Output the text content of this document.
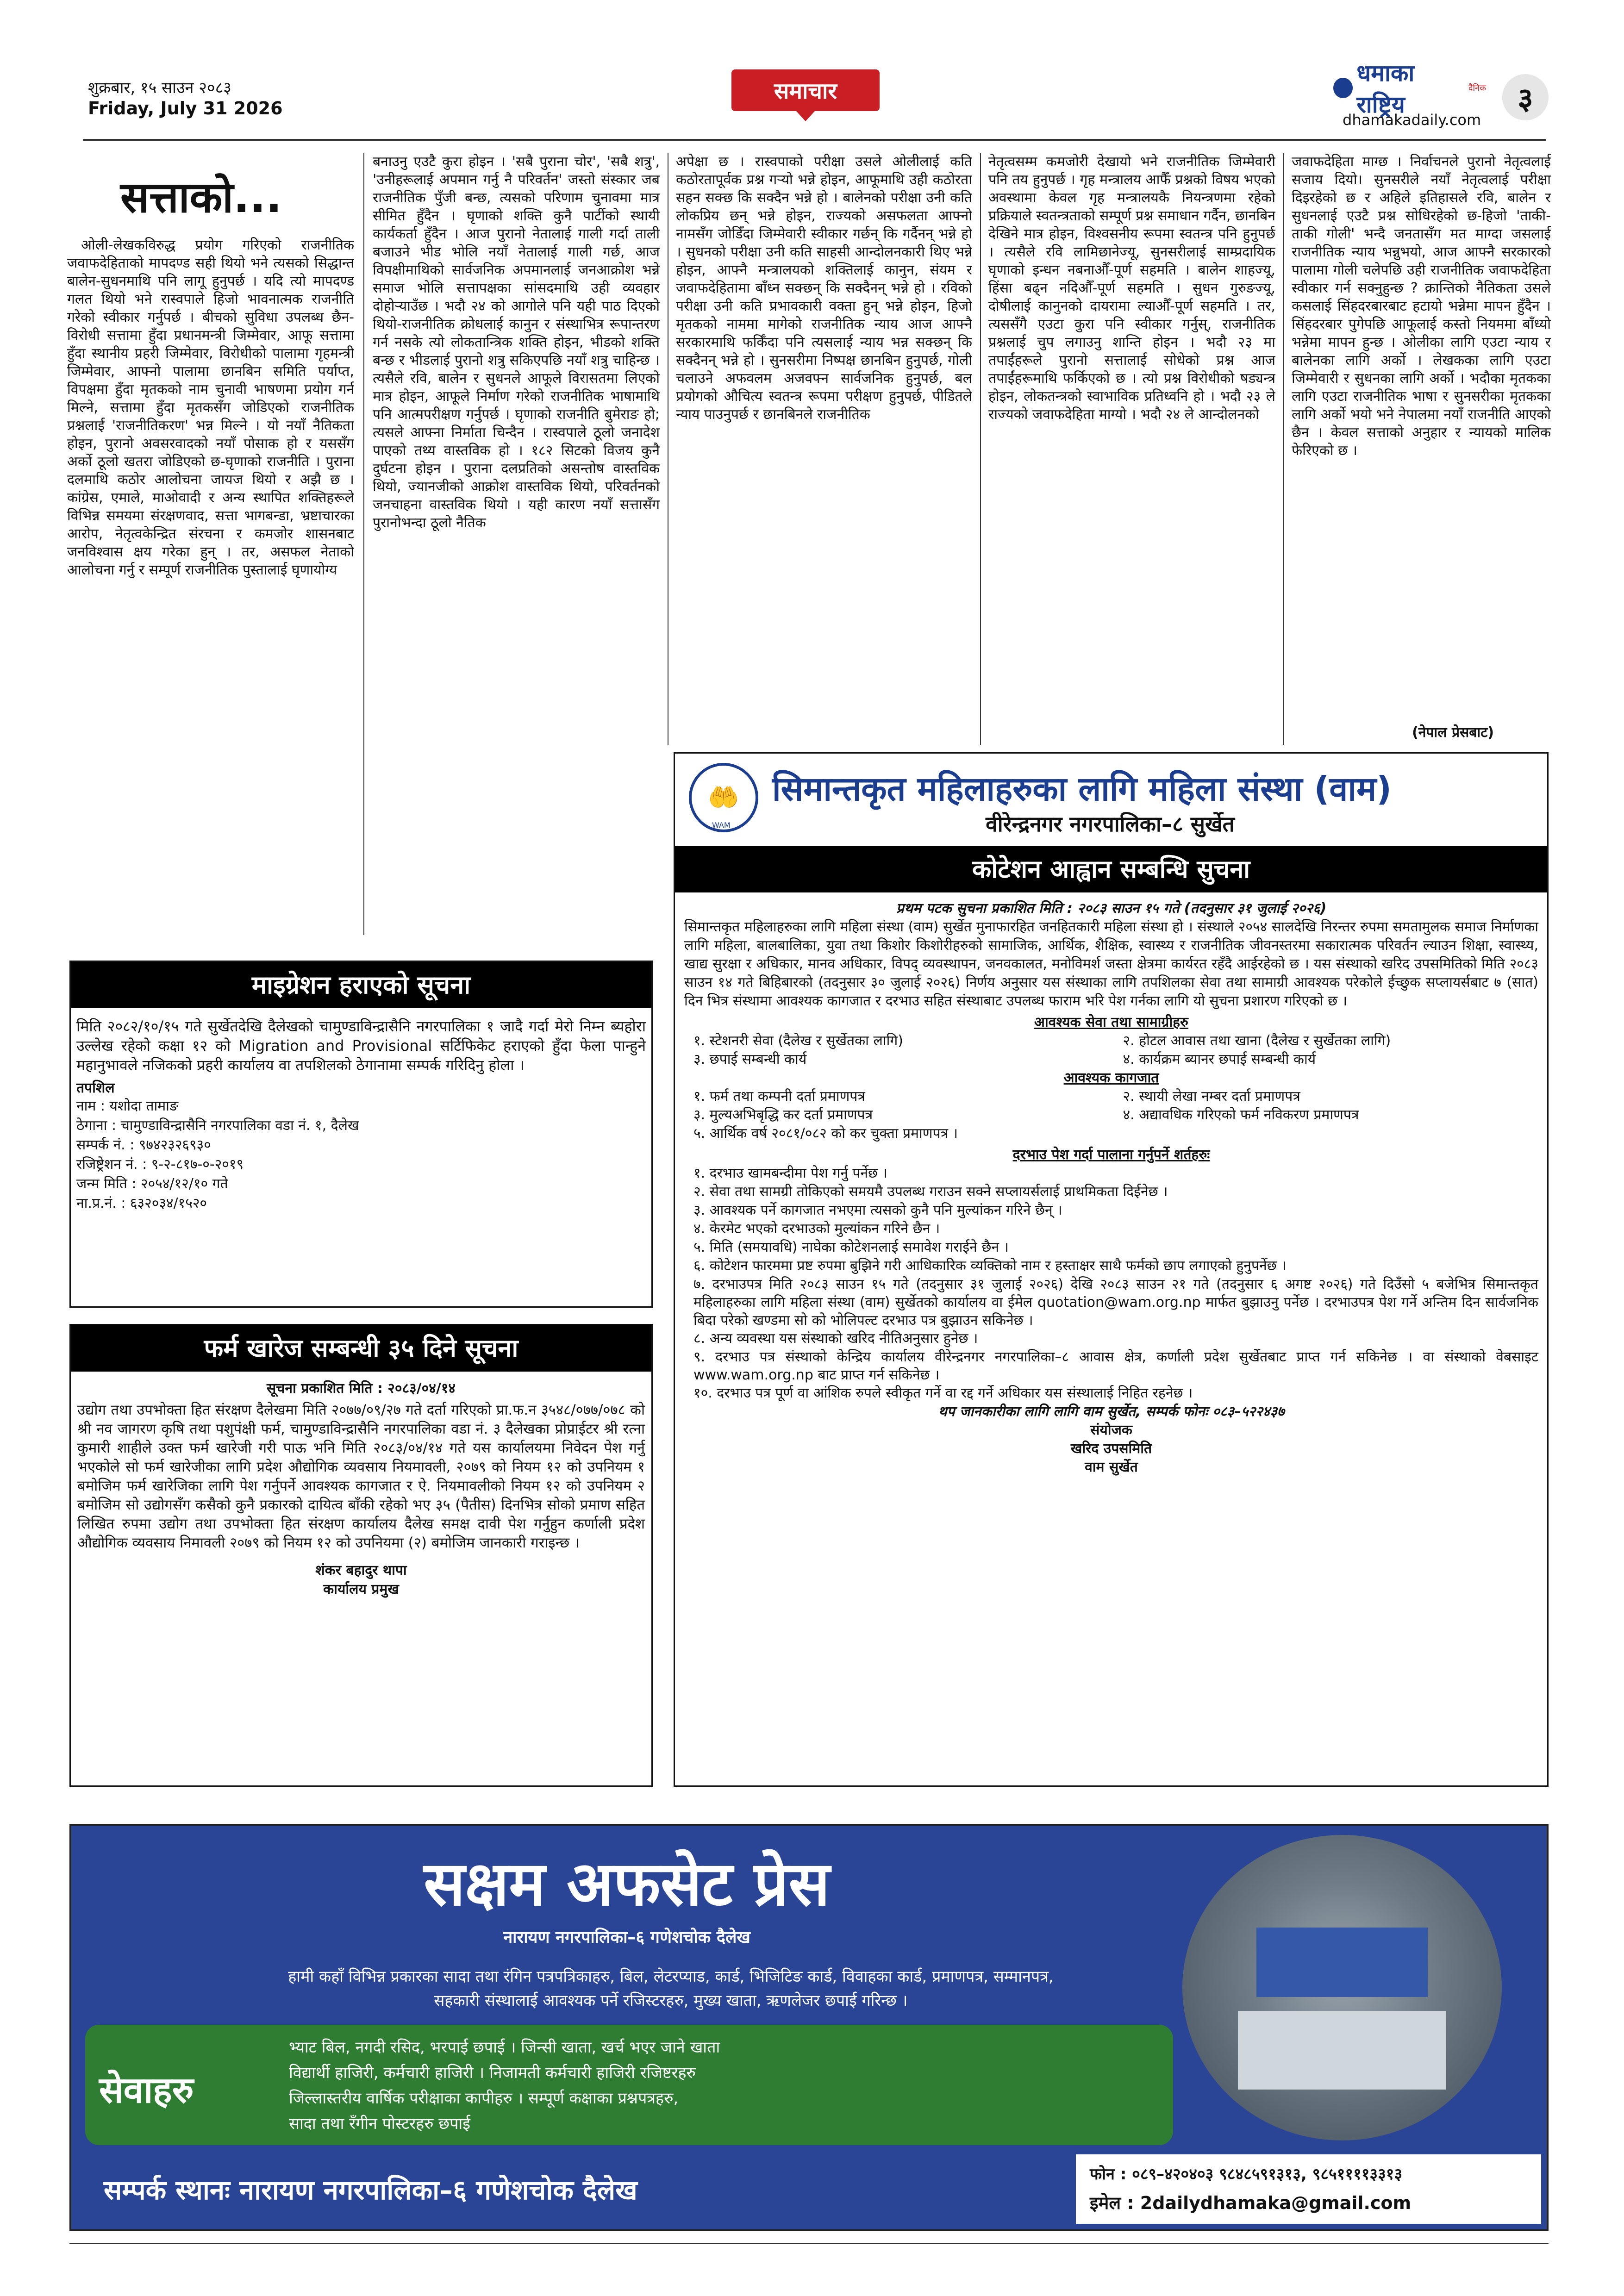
शुक्रबार, १५ साउन २०८३
Friday, July 31 2026
समाचार
धमाका राष्ट्रिय
दैनिक
dhamakadaily.com
३
सत्ताको...
ओली-लेखकविरुद्ध प्रयोग गरिएको राजनीतिक जवाफदेहिताको मापदण्ड सही थियो भने त्यसको सिद्धान्त बालेन-सुधनमाथि पनि लागू हुनुपर्छ । यदि त्यो मापदण्ड गलत थियो भने रास्वपाले हिजो भावनात्मक राजनीति गरेको स्वीकार गर्नुपर्छ । बीचको सुविधा उपलब्ध छैन-विरोधी सत्तामा हुँदा प्रधानमन्त्री जिम्मेवार, आफू सत्तामा हुँदा स्थानीय प्रहरी जिम्मेवार, विरोधीको पालामा गृहमन्त्री जिम्मेवार, आफ्नो पालामा छानबिन समिति पर्याप्त, विपक्षमा हुँदा मृतकको नाम चुनावी भाषणमा प्रयोग गर्न मिल्ने, सत्तामा हुँदा मृतकसँग जोडिएको राजनीतिक प्रश्नलाई 'राजनीतिकरण' भन्न मिल्ने । यो नयाँ नैतिकता होइन, पुरानो अवसरवादको नयाँ पोसाक हो र यससँग अर्को ठूलो खतरा जोडिएको छ-घृणाको राजनीति । पुराना दलमाथि कठोर आलोचना जायज थियो र अझै छ । कांग्रेस, एमाले, माओवादी र अन्य स्थापित शक्तिहरूले विभिन्न समयमा संरक्षणवाद, सत्ता भागबन्डा, भ्रष्टाचारका आरोप, नेतृत्वकेन्द्रित संरचना र कमजोर शासनबाट जनविश्वास क्षय गरेका हुन् । तर, असफल नेताको आलोचना गर्नु र सम्पूर्ण राजनीतिक पुस्तालाई घृणायोग्य
बनाउनु एउटै कुरा होइन । 'सबै पुराना चोर', 'सबै शत्रु', 'उनीहरूलाई अपमान गर्नु नै परिवर्तन' जस्तो संस्कार जब राजनीतिक पुँजी बन्छ, त्यसको परिणाम चुनावमा मात्र सीमित हुँदैन । घृणाको शक्ति कुनै पार्टीको स्थायी कार्यकर्ता हुँदैन । आज पुरानो नेतालाई गाली गर्दा ताली बजाउने भीड भोलि नयाँ नेतालाई गाली गर्छ, आज विपक्षीमाथिको सार्वजनिक अपमानलाई जनआक्रोश भन्ने समाज भोलि सत्तापक्षका सांसदमाथि उही व्यवहार दोहोर्‍याउँछ । भदौ २४ को आगोले पनि यही पाठ दिएको थियो-राजनीतिक क्रोधलाई कानुन र संस्थाभित्र रूपान्तरण गर्न नसके त्यो लोकतान्त्रिक शक्ति होइन, भीडको शक्ति बन्छ र भीडलाई पुरानो शत्रु सकिएपछि नयाँ शत्रु चाहिन्छ । त्यसैले रवि, बालेन र सुधनले आफूले विरासतमा लिएको मात्र होइन, आफूले निर्माण गरेको राजनीतिक भाषामाथि पनि आत्मपरीक्षण गर्नुपर्छ । घृणाको राजनीति बुमेराङ हो; त्यसले आफ्ना निर्माता चिन्दैन । रास्वपाले ठूलो जनादेश पाएको तथ्य वास्तविक हो । १८२ सिटको विजय कुनै दुर्घटना होइन । पुराना दलप्रतिको असन्तोष वास्तविक थियो, ज्यानजीको आक्रोश वास्तविक थियो, परिवर्तनको जनचाहना वास्तविक थियो । यही कारण नयाँ सत्तासँग पुरानोभन्दा ठूलो नैतिक
अपेक्षा छ । रास्वपाको परीक्षा उसले ओलीलाई कति कठोरतापूर्वक प्रश्न गर्‍यो भन्ने होइन, आफूमाथि उही कठोरता सहन सक्छ कि सक्दैन भन्ने हो । बालेनको परीक्षा उनी कति लोकप्रिय छन् भन्ने होइन, राज्यको असफलता आफ्नो नामसँग जोडिँदा जिम्मेवारी स्वीकार गर्छन् कि गर्दैनन् भन्ने हो । सुधनको परीक्षा उनी कति साहसी आन्दोलनकारी थिए भन्ने होइन, आफ्नै मन्त्रालयको शक्तिलाई कानुन, संयम र जवाफदेहितामा बाँध्न सक्छन् कि सक्दैनन् भन्ने हो । रविको परीक्षा उनी कति प्रभावकारी वक्ता हुन् भन्ने होइन, हिजो मृतकको नाममा मागेको राजनीतिक न्याय आज आफ्नै सरकारमाथि फर्किँदा पनि त्यसलाई न्याय भन्न सक्छन् कि सक्दैनन् भन्ने हो । सुनसरीमा निष्पक्ष छानबिन हुनुपर्छ, गोली चलाउने अफवलम अजवफ्न सार्वजनिक हुनुपर्छ, बल प्रयोगको औचित्य स्वतन्त्र रूपमा परीक्षण हुनुपर्छ, पीडितले न्याय पाउनुपर्छ र छानबिनले राजनीतिक
नेतृत्वसम्म कमजोरी देखायो भने राजनीतिक जिम्मेवारी पनि तय हुनुपर्छ । गृह मन्त्रालय आफैँ प्रश्नको विषय भएको अवस्थामा केवल गृह मन्त्रालयकै नियन्त्रणमा रहेको प्रक्रियाले स्वतन्त्रताको सम्पूर्ण प्रश्न समाधान गर्दैन, छानबिन देखिने मात्र होइन, विश्वसनीय रूपमा स्वतन्त्र पनि हुनुपर्छ । त्यसैले रवि लामिछानेज्यू, सुनसरीलाई साम्प्रदायिक घृणाको इन्धन नबनाऔँ-पूर्ण सहमति । बालेन शाहज्यू, हिंसा बढ्न नदिऔँ-पूर्ण सहमति । सुधन गुरुङज्यू, दोषीलाई कानुनको दायरामा ल्याऔँ-पूर्ण सहमति । तर, त्यससँगै एउटा कुरा पनि स्वीकार गर्नुस्, राजनीतिक प्रश्नलाई चुप लगाउनु शान्ति होइन । भदौ २३ मा तपाईंहरूले पुरानो सत्तालाई सोधेको प्रश्न आज तपाईंहरूमाथि फर्किएको छ । त्यो प्रश्न विरोधीको षड्यन्त्र होइन, लोकतन्त्रको स्वाभाविक प्रतिध्वनि हो । भदौ २३ ले राज्यको जवाफदेहिता माग्यो । भदौ २४ ले आन्दोलनको
जवाफदेहिता माग्छ । निर्वाचनले पुरानो नेतृत्वलाई सजाय दियो। सुनसरीले नयाँ नेतृत्वलाई परीक्षा दिइरहेको छ र अहिले इतिहासले रवि, बालेन र सुधनलाई एउटै प्रश्न सोधिरहेको छ-हिजो 'ताकी-ताकी गोली' भन्दै जनतासँग मत माग्दा जसलाई राजनीतिक न्याय भन्नुभयो, आज आफ्नै सरकारको पालामा गोली चलेपछि उही राजनीतिक जवाफदेहिता स्वीकार गर्न सक्नुहुन्छ ? क्रान्तिको नैतिकता उसले कसलाई सिंहदरबारबाट हटायो भन्नेमा मापन हुँदैन । सिंहदरबार पुगेपछि आफूलाई कस्तो नियममा बाँध्यो भन्नेमा मापन हुन्छ । ओलीका लागि एउटा न्याय र बालेनका लागि अर्को । लेखकका लागि एउटा जिम्मेवारी र सुधनका लागि अर्को । भदौका मृतकका लागि एउटा राजनीतिक भाषा र सुनसरीका मृतकका लागि अर्को भयो भने नेपालमा नयाँ राजनीति आएको छैन । केवल सत्ताको अनुहार र न्यायको मालिक फेरिएको छ ।
(नेपाल प्रेसबाट)
माइग्रेशन हराएको सूचना
मिति २०८२/१०/१५ गते सुर्खेतदेखि दैलेखको चामुण्डाविन्द्रासैनि नगरपालिका १ जादै गर्दा मेरो निम्न ब्यहोरा उल्लेख रहेको कक्षा १२ को Migration and Provisional सर्टिफिकेट हराएको हुँदा फेला पान्हुने महानुभावले नजिकको प्रहरी कार्यालय वा तपशिलको ठेगानामा सम्पर्क गरिदिनु होला ।
तपशिल
नाम : यशोदा तामाङ
ठेगाना : चामुण्डाविन्द्रासैनि नगरपालिका वडा नं. १, दैलेख
सम्पर्क नं. : ९७४२३२६९३०
रजिष्ट्रेशन नं. : ९-२-८१७-०-२०१९
जन्म मिति : २०५४/१२/१० गते
ना.प्र.नं. : ६३२०३४/१५२०
फर्म खारेज सम्बन्धी ३५ दिने सूचना
सूचना प्रकाशित मिति : २०८३/०४/१४
उद्योग तथा उपभोक्ता हित संरक्षण दैलेखमा मिति २०७७/०९/२७ गते दर्ता गरिएको प्रा.फ.न ३५४८/०७७/०७८ को श्री नव जागरण कृषि तथा पशुपंक्षी फर्म, चामुण्डाविन्द्रासैनि नगरपालिका वडा नं. ३ दैलेखका प्रोप्राईटर श्री रत्ना कुमारी शाहीले उक्त फर्म खारेजी गरी पाऊ भनि मिति २०८३/०४/१४ गते यस कार्यालयमा निवेदन पेश गर्नु भएकोले सो फर्म खारेजीका लागि प्रदेश औद्योगिक व्यवसाय नियमावली, २०७९ को नियम १२ को उपनियम १ बमोजिम फर्म खारेजिका लागि पेश गर्नुपर्ने आवश्यक कागजात र ऐ. नियमावलीको नियम १२ को उपनियम २ बमोजिम सो उद्योगसँग कसैको कुनै प्रकारको दायित्व बाँकी रहेको भए ३५ (पैतीस) दिनभित्र सोको प्रमाण सहित लिखित रुपमा उद्योग तथा उपभोक्ता हित संरक्षण कार्यालय दैलेख समक्ष दावी पेश गर्नुहुन कर्णाली प्रदेश औद्योगिक व्यवसाय निमावली २०७९ को नियम १२ को उपनियमा (२) बमोजिम जानकारी गराइन्छ ।
शंकर बहादुर थापा
कार्यालय प्रमुख
🤲
WAM
सिमान्तकृत महिलाहरुका लागि महिला संस्था (वाम)
वीरेन्द्रनगर नगरपालिका–८ सुर्खेत
कोटेशन आह्वान सम्बन्धि सुचना
प्रथम पटक सुचना प्रकाशित मिति : २०८३ साउन १५ गते (तदनुसार ३१ जुलाई २०२६)
सिमान्तकृत महिलाहरुका लागि महिला संस्था (वाम) सुर्खेत मुनाफारहित जनहितकारी महिला संस्था हो । संस्थाले २०५४ सालदेखि निरन्तर रुपमा समतामुलक समाज निर्माणका लागि महिला, बालबालिका, युवा तथा किशोर किशोरीहरुको सामाजिक, आर्थिक, शैक्षिक, स्वास्थ्य र राजनीतिक जीवनस्तरमा सकारात्मक परिवर्तन ल्याउन शिक्षा, स्वास्थ्य, खाद्य सुरक्षा र अधिकार, मानव अधिकार, विपद् व्यवस्थापन, जनवकालत, मनोविमर्श जस्ता क्षेत्रमा कार्यरत रहँदै आईरहेको छ । यस संस्थाको खरिद उपसमितिको मिति २०८३ साउन १४ गते बिहिबारको (तदनुसार ३० जुलाई २०२६) निर्णय अनुसार यस संस्थाका लागि तपशिलका सेवा तथा सामाग्री आवश्यक परेकोले ईच्छुक सप्लायर्सबाट ७ (सात) दिन भित्र संस्थामा आवश्यक कागजात र दरभाउ सहित संस्थाबाट उपलब्ध फाराम भरि पेश गर्नका लागि यो सुचना प्रशारण गरिएको छ ।
आवश्यक सेवा तथा सामाग्रीहरु
१. स्टेशनरी सेवा (दैलेख र सुर्खेतका लागि)	२. होटल आवास तथा खाना (दैलेख र सुर्खेतका लागि)
३. छपाई सम्बन्धी कार्य	४. कार्यक्रम ब्यानर छपाई सम्बन्धी कार्य
आवश्यक कागजात
१. फर्म तथा कम्पनी दर्ता प्रमाणपत्र	२. स्थायी लेखा नम्बर दर्ता प्रमाणपत्र
३. मुल्यअभिबृद्धि कर दर्ता प्रमाणपत्र	४. अद्यावधिक गरिएको फर्म नविकरण प्रमाणपत्र
५. आर्थिक वर्ष २०८१/०८२ को कर चुक्ता प्रमाणपत्र ।
दरभाउ पेश गर्दा पालाना गर्नुपर्ने शर्तहरुः
१. दरभाउ खामबन्दीमा पेश गर्नु पर्नेछ ।
२. सेवा तथा सामग्री तोकिएको समयमै उपलब्ध गराउन सक्ने सप्लायर्सलाई प्राथमिकता दिईनेछ ।
३. आवश्यक पर्ने कागजात नभएमा त्यसको कुनै पनि मुल्यांकन गरिने छैन् ।
४. केरमेट भएको दरभाउको मुल्यांकन गरिने छैन ।
५. मिति (समयावधि) नाघेका कोटेशनलाई समावेश गराईने छैन ।
६. कोटेशन फारममा प्रष्ट रुपमा बुझिने गरी आधिकारिक व्यक्तिको नाम र हस्ताक्षर साथै फर्मको छाप लगाएको हुनुपर्नेछ ।
७. दरभाउपत्र मिति २०८३ साउन १५ गते (तदनुसार ३१ जुलाई २०२६) देखि २०८३ साउन २१ गते (तदनुसार ६ अगष्ट २०२६) गते दिउँसो ५ बजेभित्र सिमान्तकृत महिलाहरुका लागि महिला संस्था (वाम) सुर्खेतको कार्यालय वा ईमेल quotation@wam.org.np मार्फत बुझाउनु पर्नेछ । दरभाउपत्र पेश गर्ने अन्तिम दिन सार्वजनिक बिदा परेको खण्डमा सो को भोलिपल्ट दरभाउ पत्र बुझाउन सकिनेछ ।
८. अन्य व्यवस्था यस संस्थाको खरिद नीतिअनुसार हुनेछ ।
९. दरभाउ पत्र संस्थाको केन्द्रिय कार्यालय वीरेन्द्रनगर नगरपालिका–८ आवास क्षेत्र, कर्णाली प्रदेश सुर्खेतबाट प्राप्त गर्न सकिनेछ । वा संस्थाको वेबसाइट www.wam.org.np बाट प्राप्त गर्न सकिनेछ ।
१०. दरभाउ पत्र पूर्ण वा आंशिक रुपले स्वीकृत गर्ने वा रद्द गर्ने अधिकार यस संस्थालाई निहित रहनेछ ।
थप जानकारीका लागि लागि वाम सुर्खेत, सम्पर्क फोनः ०८३–५२२४३७
संयोजक
खरिद उपसमिति
वाम सुर्खेत
सक्षम अफसेट प्रेस
नारायण नगरपालिका–६ गणेशचोक दैलेख
हामी कहाँ विभिन्न प्रकारका सादा तथा रंगिन पत्रपत्रिकाहरु, बिल, लेटरप्याड, कार्ड, भिजिटिङ कार्ड, विवाहका कार्ड, प्रमाणपत्र, सम्मानपत्र, सहकारी संस्थालाई आवश्यक पर्ने रजिस्टरहरु, मुख्य खाता, ऋणलेजर छपाई गरिन्छ ।
सेवाहरु
भ्याट बिल, नगदी रसिद, भरपाई छपाई । जिन्सी खाता, खर्च भएर जाने खाता
विद्यार्थी हाजिरी, कर्मचारी हाजिरी । निजामती कर्मचारी हाजिरी रजिष्टरहरु
जिल्लास्तरीय वार्षिक परीक्षाका कापीहरु । सम्पूर्ण कक्षाका प्रश्नपत्रहरु,
सादा तथा रँगीन पोस्टरहरु छपाई
सम्पर्क स्थानः नारायण नगरपालिका–६ गणेशचोक दैलेख	फोन : ०८९–४२०४०३ ९८४८५९१३१३, ९८५११११३३१३
इमेल : 2dailydhamaka@gmail.com
